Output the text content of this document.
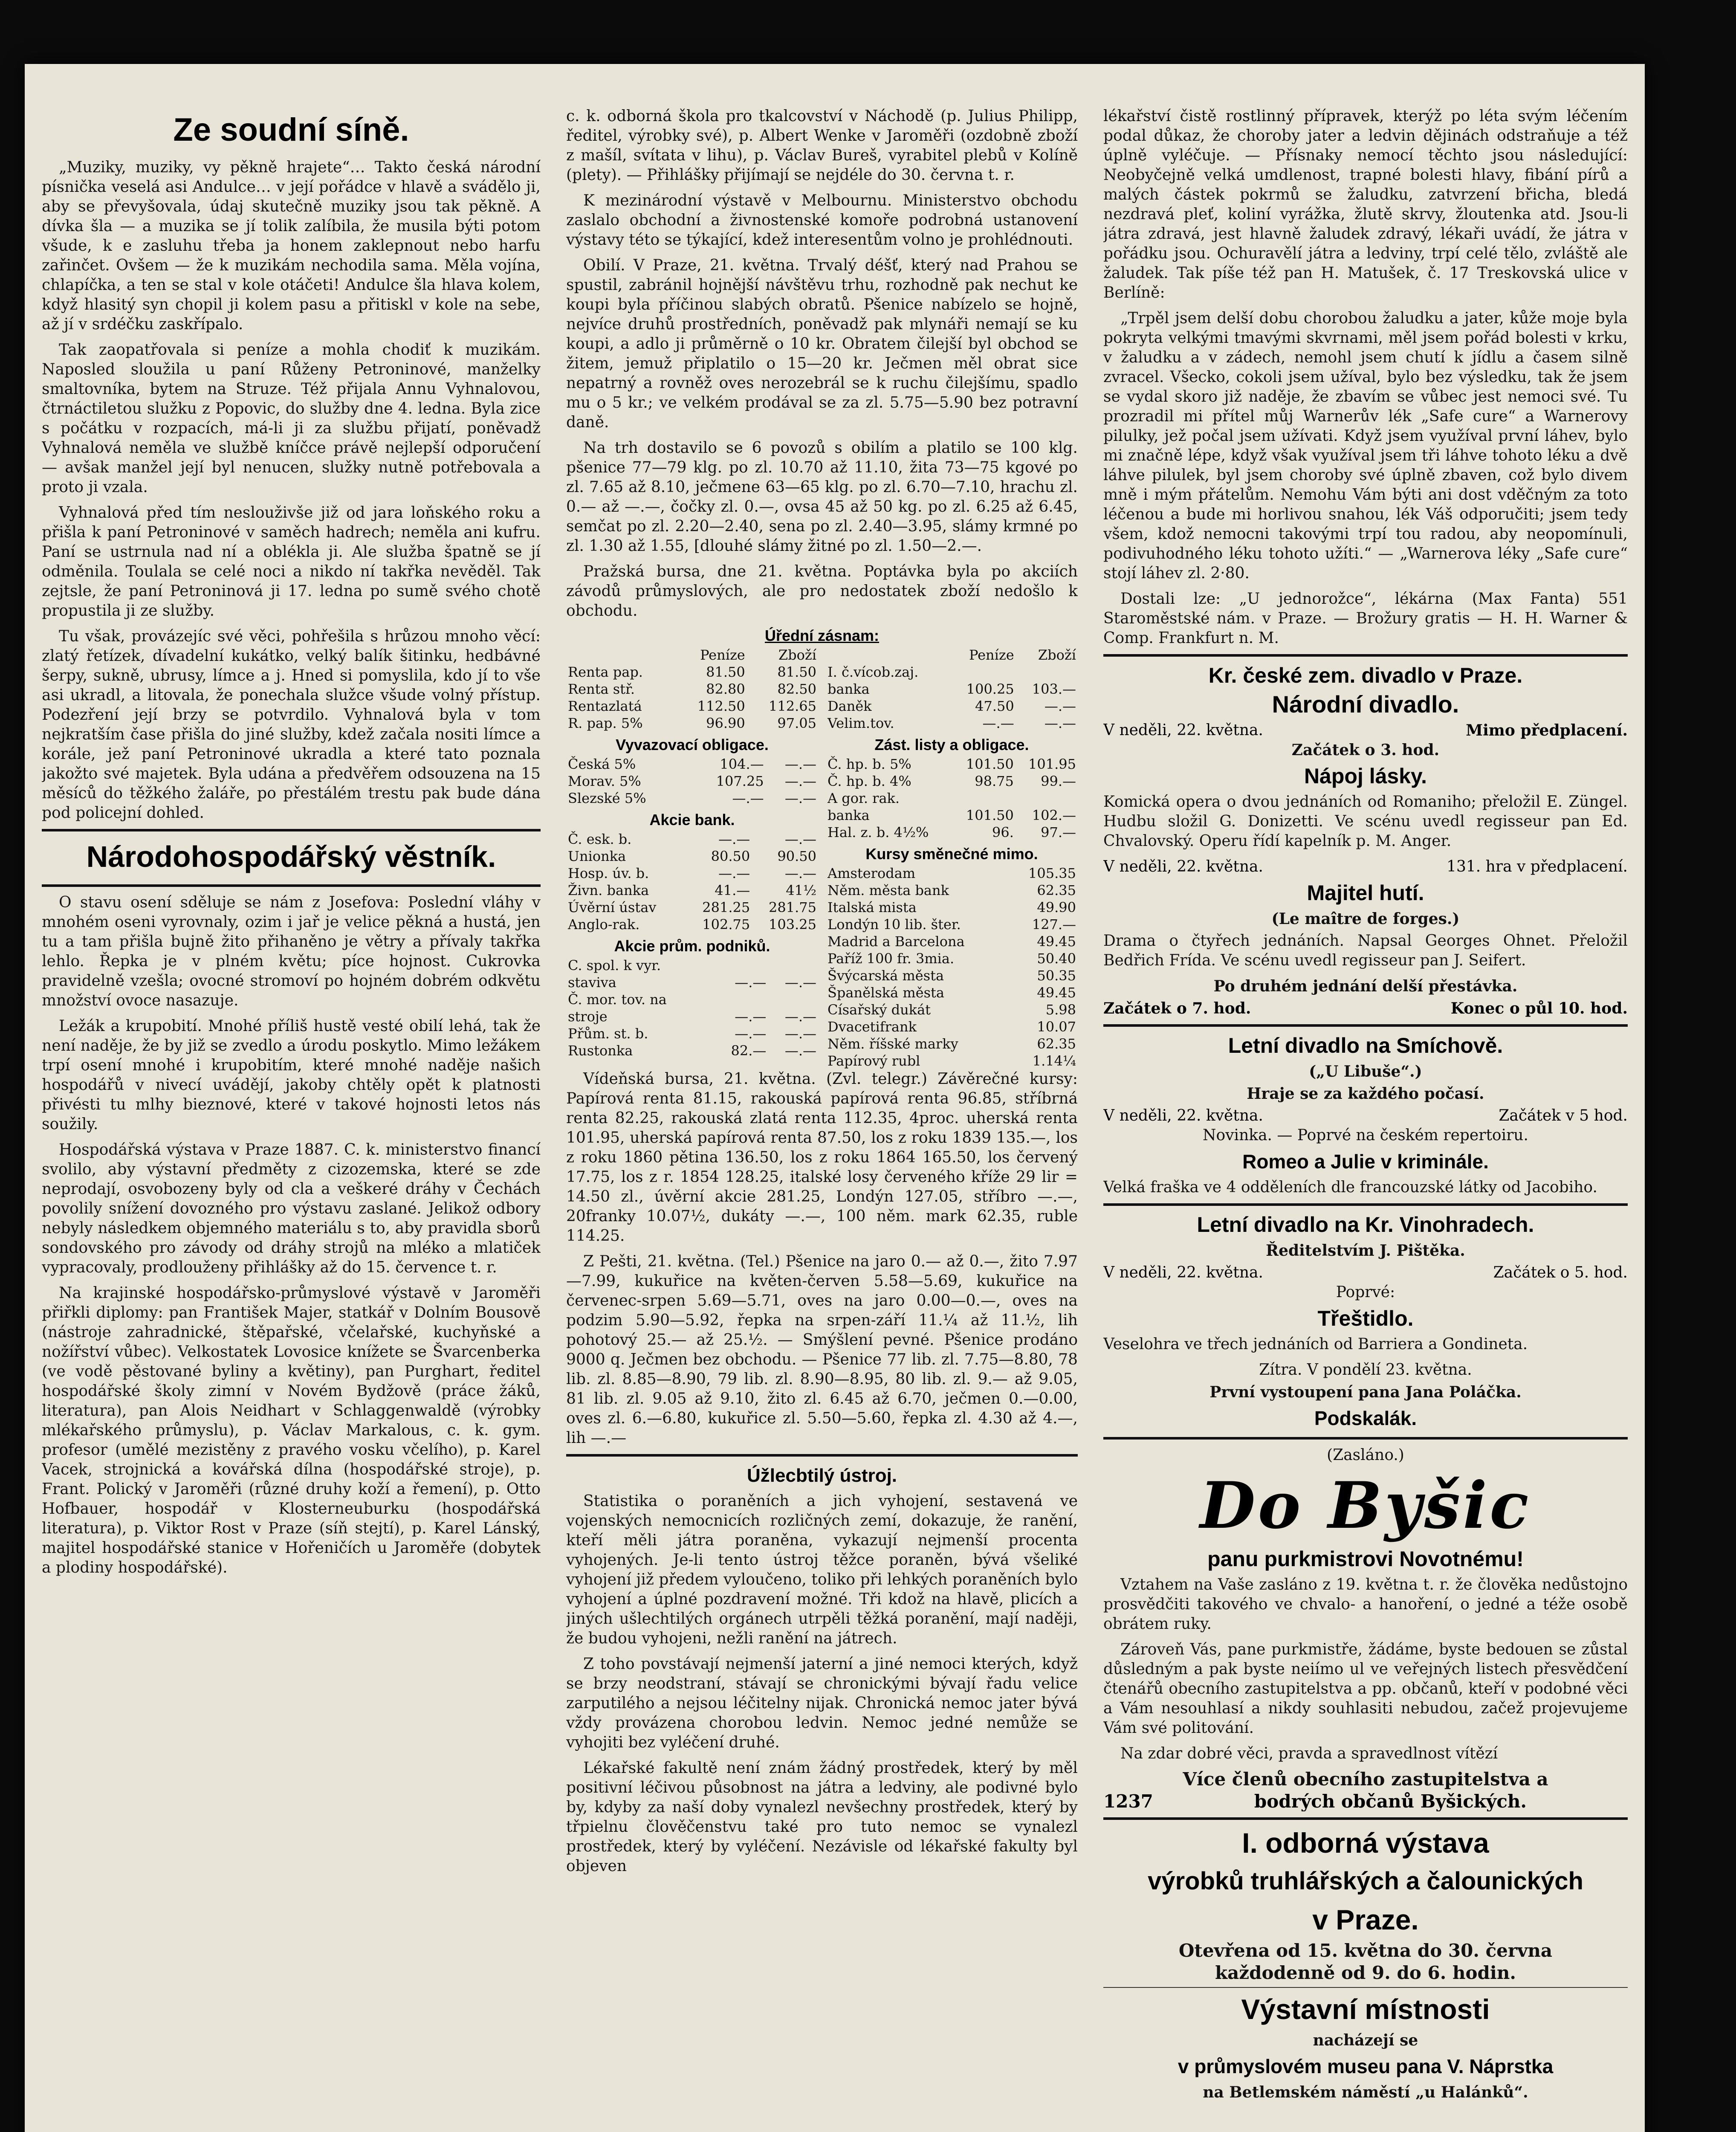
Ze soudní síně.

„Muziky, muziky, vy pěkně hrajete“… Takto česká národní písnička veselá asi Andulce… v její pořádce v hlavě a svádělo ji, aby se převyšovala, údaj skutečně muziky jsou tak pěkně. A dívka šla — a muzika se jí tolik zalíbila, že musila býti potom všude, k e zasluhu třeba ja honem zaklepnout nebo harfu zařinčet. Ovšem — že k muzikám nechodila sama. Měla vojína, chlapíčka, a ten se stal v kole otáčeti! Andulce šla hlava kolem, když hlasitý syn chopil ji kolem pasu a přitiskl v kole na sebe, až jí v srdéčku zaskřípalo.

Tak zaopatřovala si peníze a mohla chodiť k muzikám. Naposled sloužila u paní Růženy Petroninové, manželky smaltovníka, bytem na Struze. Též přijala Annu Vyhnalovou, čtrnáctiletou služku z Popovic, do služby dne 4. ledna. Byla zice s počátku v rozpacích, má-li ji za službu přijatí, poněvadž Vyhnalová neměla ve službě kníčce právě nejlepší odporučení — avšak manžel její byl nenucen, služky nutně potřebovala a proto ji vzala.

Vyhnalová před tím neslouživše již od jara loňského roku a přišla k paní Petroninové v saměch hadrech; neměla ani kufru. Paní se ustrnula nad ní a oblékla ji. Ale služba špatně se jí odměnila. Toulala se celé noci a nikdo ní takřka nevěděl. Tak zejtsle, že paní Petroninová ji 17. ledna po sumě svého chotě propustila ji ze služby.

Tu však, provázejíc své věci, pohřešila s hrůzou mnoho věcí: zlatý řetízek, dívadelní kukátko, velký balík šitinku, hedbávné šerpy, sukně, ubrusy, límce a j. Hned si pomyslila, kdo jí to vše asi ukradl, a litovala, že ponechala služce všude volný přístup. Podezření její brzy se potvrdilo. Vyhnalová byla v tom nejkratším čase přišla do jiné služby, kdež začala nositi límce a korále, jež paní Petroninové ukradla a které tato poznala jakožto své majetek. Byla udána a předvěřem odsouzena na 15 měsíců do těžkého žaláře, po přestálém trestu pak bude dána pod policejní dohled.

Národohospodářský věstník.

O stavu osení sděluje se nám z Josefova: Poslední vláhy v mnohém oseni vyrovnaly, ozim i jař je velice pěkná a hustá, jen tu a tam přišla bujně žito přihaněno je větry a přívaly takřka lehlo. Řepka je v plném květu; píce hojnost. Cukrovka pravidelně vzešla; ovocné stromoví po hojném dobrém odkvětu množství ovoce nasazuje.

Ležák a krupobití. Mnohé příliš hustě vesté obilí lehá, tak že není naděje, že by již se zvedlo a úrodu poskytlo. Mimo ležákem trpí osení mnohé i krupobitím, které mnohé naděje našich hospodářů v nivecí uvádějí, jakoby chtěly opět k platnosti přivésti tu mlhy bieznové, které v takové hojnosti letos nás soužily.

Hospodářská výstava v Praze 1887. C. k. ministerstvo financí svolilo, aby výstavní předměty z cizozemska, které se zde neprodají, osvobozeny byly od cla a veškeré dráhy v Čechách povolily snížení dovozného pro výstavu zaslané. Jelikož odbory nebyly následkem objemného materiálu s to, aby pravidla sborů sondovského pro závody od dráhy strojů na mléko a mlatiček vypracovaly, prodlouženy přihlášky až do 15. července t. r.

Na krajinské hospodářsko-průmyslové výstavě v Jaroměři přiřkli diplomy: pan František Majer, statkář v Dolním Bousově (nástroje zahradnické, štěpařské, včelařské, kuchyňské a nožířství vůbec). Velkostatek Lovosice knížete se Švarcenberka (ve vodě pěstované byliny a květiny), pan Purghart, ředitel hospodářské školy zimní v Novém Bydžově (práce žáků, literatura), pan Alois Neidhart v Schlaggenwaldě (výrobky mlékařského průmyslu), p. Václav Markalous, c. k. gym. profesor (umělé mezistěny z pravého vosku včelího), p. Karel Vacek, strojnická a kovářská dílna (hospodářské stroje), p. Frant. Polický v Jaroměři (různé druhy koží a řemení), p. Otto Hofbauer, hospodář v Klosterneuburku (hospodářská literatura), p. Viktor Rost v Praze (síň stejtí), p. Karel Lánský, majitel hospodářské stanice v Hořeničích u Jaroměře (dobytek a plodiny hospodářské).

c. k. odborná škola pro tkalcovství v Náchodě (p. Julius Philipp, ředitel, výrobky své), p. Albert Wenke v Jaroměři (ozdobně zboží z mašíl, svítata v lihu), p. Václav Bureš, vyrabitel plebů v Kolíně (plety). — Přihlášky přijímají se nejdéle do 30. června t. r.

K mezinárodní výstavě v Melbournu. Ministerstvo obchodu zaslalo obchodní a živnostenské komoře podrobná ustanovení výstavy této se týkající, kdež interesentům volno je prohlédnouti.

Obilí. V Praze, 21. května. Trvalý déšť, který nad Prahou se spustil, zabránil hojnější návštěvu trhu, rozhodně pak nechut ke koupi byla příčinou slabých obratů. Pšenice nabízelo se hojně, nejvíce druhů prostředních, poněvadž pak mlynáři nemají se ku koupi, a adlo ji průměrně o 10 kr. Obratem čilejší byl obchod se žitem, jemuž připlatilo o 15—20 kr. Ječmen měl obrat sice nepatrný a rovněž oves nerozebrál se k ruchu čilejšímu, spadlo mu o 5 kr.; ve velkém prodával se za zl. 5.75—5.90 bez potravní daně.

Na trh dostavilo se 6 povozů s obilím a platilo se 100 klg. pšenice 77—79 klg. po zl. 10.70 až 11.10, žita 73—75 kgové po zl. 7.65 až 8.10, ječmene 63—65 klg. po zl. 6.70—7.10, hrachu zl. 0.— až —.—, čočky zl. 0.—, ovsa 45 až 50 kg. po zl. 6.25 až 6.45, semčat po zl. 2.20—2.40, sena po zl. 2.40—3.95, slámy krmné po zl. 1.30 až 1.55, [dlouhé slámy žitné po zl. 1.50—2.—.

Pražská bursa, dne 21. května. Poptávka byla po akciích závodů průmyslových, ale pro nedostatek zboží nedošlo k obchodu.

Úřední zásnam:
	Peníze	Zboží
Renta pap.	81.50	81.50
Renta stř.	82.80	82.50
Rentazlatá	112.50	112.65
R. pap. 5%	96.90	97.05
Vyvazovací obligace.
Česká 5%	104.—	—.—
Morav. 5%	107.25	—.—
Slezské 5%	—.—	—.—
Akcie bank.
Č. esk. b.	—.—	—.—
Unionka	80.50	90.50
Hosp. úv. b.	—.—	—.—
Živn. banka	41.—	41½
Úvěrní ústav	281.25	281.75
Anglo-rak.	102.75	103.25
Akcie prům. podniků.
C. spol. k vyr.		
staviva	—.—	—.—
Č. mor. tov. na		
stroje	—.—	—.—
Přům. st. b.	—.—	—.—
Rustonka	82.—	—.—
	Peníze	Zboží
I. č.vícob.zaj.		
banka	100.25	103.—
Daněk	47.50	—.—
Velim.tov.	—.—	—.—
Zást. listy a obligace.
Č. hp. b. 5%	101.50	101.95
Č. hp. b. 4%	98.75	99.—
A gor. rak.		
banka	101.50	102.—
Hal. z. b. 4½%	96.	97.—
Kursy směnečné mimo.
Amsterodam	105.35
Něm. města bank	62.35
Italská mista	49.90
Londýn 10 lib. šter.	127.—
Madrid a Barcelona	49.45
Paříž 100 fr. 3mia.	50.40
Švýcarská města	50.35
Španělská města	49.45
Císařský dukát	5.98
Dvacetifrank	10.07
Něm. říšské marky	62.35
Papírový rubl	1.14¼

Vídeňská bursa, 21. května. (Zvl. telegr.) Závěrečné kursy: Papírová renta 81.15, rakouská papírová renta 96.85, stříbrná renta 82.25, rakouská zlatá renta 112.35, 4proc. uherská renta 101.95, uherská papírová renta 87.50, los z roku 1839 135.—, los z roku 1860 pětina 136.50, los z roku 1864 165.50, los červený 17.75, los z r. 1854 128.25, italské losy červeného kříže 29 lir = 14.50 zl., úvěrní akcie 281.25, Londýn 127.05, stříbro —.—, 20franky 10.07½, dukáty —.—, 100 něm. mark 62.35, ruble 114.25.

Z Pešti, 21. května. (Tel.) Pšenice na jaro 0.— až 0.—, žito 7.97—7.99, kukuřice na květen-červen 5.58—5.69, kukuřice na červenec-srpen 5.69—5.71, oves na jaro 0.00—0.—, oves na podzim 5.90—5.92, řepka na srpen-září 11.¼ až 11.½, lih pohotový 25.— až 25.½. — Smýšlení pevné. Pšenice prodáno 9000 q. Ječmen bez obchodu. — Pšenice 77 lib. zl. 7.75—8.80, 78 lib. zl. 8.85—8.90, 79 lib. zl. 8.90—8.95, 80 lib. zl. 9.— až 9.05, 81 lib. zl. 9.05 až 9.10, žito zl. 6.45 až 6.70, ječmen 0.—0.00, oves zl. 6.—6.80, kukuřice zl. 5.50—5.60, řepka zl. 4.30 až 4.—, lih —.—

Úžlecbtilý ústroj.

Statistika o poraněních a jich vyhojení, sestavená ve vojenských nemocnicích rozličných zemí, dokazuje, že ranění, kteří měli játra poraněna, vykazují nejmenší procenta vyhojených. Je-li tento ústroj těžce poraněn, bývá všeliké vyhojení již předem vyloučeno, toliko při lehkých poraněních bylo vyhojení a úplné pozdravení možné. Tři kdož na hlavě, plicích a jiných ušlechtilých orgánech utrpěli těžká poranění, mají naději, že budou vyhojeni, nežli ranění na játrech.

Z toho povstávají nejmenší jaterní a jiné nemoci kterých, když se brzy neodstraní, stávají se chronickými bývají řadu velice zarputilého a nejsou léčitelny nijak. Chronická nemoc jater bývá vždy provázena chorobou ledvin. Nemoc jedné nemůže se vyhojiti bez vyléčení druhé.

Lékařské fakultě není znám žádný prostředek, který by měl positivní léčivou působnost na játra a ledviny, ale podivné bylo by, kdyby za naší doby vynalezl nevšechny prostředek, který by třpielnu člověčenstvu také pro tuto nemoc se vynalezl prostředek, který by vyléčení. Nezávisle od lékařské fakulty byl objeven

lékařství čistě rostlinný přípravek, kterýž po léta svým léčením podal důkaz, že choroby jater a ledvin dějinách odstraňuje a též úplně vyléčuje. — Přísnaky nemocí těchto jsou následující: Neobyčejně velká umdlenost, trapné bolesti hlavy, fibání pírů a malých částek pokrmů se žaludku, zatvrzení břicha, bledá nezdravá pleť, koliní vyrážka, žlutě skrvy, žloutenka atd. Jsou-li játra zdravá, jest hlavně žaludek zdravý, lékaři uvádí, že játra v pořádku jsou. Ochuravělí játra a ledviny, trpí celé tělo, zvláště ale žaludek. Tak píše též pan H. Matušek, č. 17 Treskovská ulice v Berlíně:

„Trpěl jsem delší dobu chorobou žaludku a jater, kůže moje byla pokryta velkými tmavými skvrnami, měl jsem pořád bolesti v krku, v žaludku a v zádech, nemohl jsem chutí k jídlu a časem silně zvracel. Všecko, cokoli jsem užíval, bylo bez výsledku, tak že jsem se vydal skoro již naděje, že zbavím se vůbec jest nemoci své. Tu prozradil mi přítel můj Warnerův lék „Safe cure“ a Warnerovy pilulky, jež počal jsem užívati. Když jsem využíval první láhev, bylo mi značně lépe, když však využíval jsem tři láhve tohoto léku a dvě láhve pilulek, byl jsem choroby své úplně zbaven, což bylo divem mně i mým přátelům. Nemohu Vám býti ani dost vděčným za toto léčenou a bude mi horlivou snahou, lék Váš odporučiti; jsem tedy všem, kdož nemocni takovými trpí tou radou, aby neopomínuli, podivuhodného léku tohoto užíti.“ — „Warnerova léky „Safe cure“ stojí láhev zl. 2·80.

Dostali lze: „U jednorožce“, lékárna (Max Fanta) 551 Staroměstské nám. v Praze. — Brožury gratis — H. H. Warner & Comp. Frankfurt n. M.

Kr. české zem. divadlo v Praze.
Národní divadlo.
V neděli, 22. května.	Mimo předplacení.
Začátek o 3. hod.
Nápoj lásky.

Komická opera o dvou jednáních od Romaniho; přeložil E. Züngel. Hudbu složil G. Donizetti. Ve scénu uvedl regisseur pan Ed. Chvalovský. Operu řídí kapelník p. M. Anger.

V neděli, 22. května.	131. hra v předplacení.
Majitel hutí.
(Le maître de forges.)

Drama o čtyřech jednáních. Napsal Georges Ohnet. Přeložil Bedřich Frída. Ve scénu uvedl regisseur pan J. Seifert.

Po druhém jednání delší přestávka.
Začátek o 7. hod.	Konec o půl 10. hod.
Letní divadlo na Smíchově.
(„U Libuše“.)
Hraje se za každého počasí.
V neděli, 22. května.	Začátek v 5 hod.
Novinka. — Poprvé na českém repertoiru.
Romeo a Julie v kriminále.

Velká fraška ve 4 odděleních dle francouzské látky od Jacobiho.

Letní divadlo na Kr. Vinohradech.
Ředitelstvím J. Pištěka.
V neděli, 22. května.	Začátek o 5. hod.
Poprvé:
Třeštidlo.

Veselohra ve třech jednáních od Barriera a Gondineta.

Zítra. V pondělí 23. května.
První vystoupení pana Jana Poláčka.
Podskalák.
(Zasláno.)
Do Byšic
panu purkmistrovi Novotnému!

Vztahem na Vaše zasláno z 19. května t. r. že člověka nedůstojno prosvědčiti takového ve chvalo- a hanoření, o jedné a téže osobě obrátem ruky.

Zároveň Vás, pane purkmistře, žádáme, byste bedouen se zůstal důsledným a pak byste neiímo ul ve veřejných listech přesvědčení čtenářů obecního zastupitelstva a pp. občanů, kteří v podobné věci a Vám nesouhlasí a nikdy souhlasiti nebudou, začež projevujeme Vám své politování.

Na zdar dobré věci, pravda a spravedlnost vítězí

Více členů obecního zastupitelstva a
1237	bodrých občanů Byšických.
I. odborná výstava
výrobků truhlářských a čalounických
v Praze.
Otevřena od 15. května do 30. června
každodenně od 9. do 6. hodin.
Výstavní místnosti
nacházejí se
v průmyslovém museu pana V. Náprstka
na Betlemském náměstí „u Halánků“.
